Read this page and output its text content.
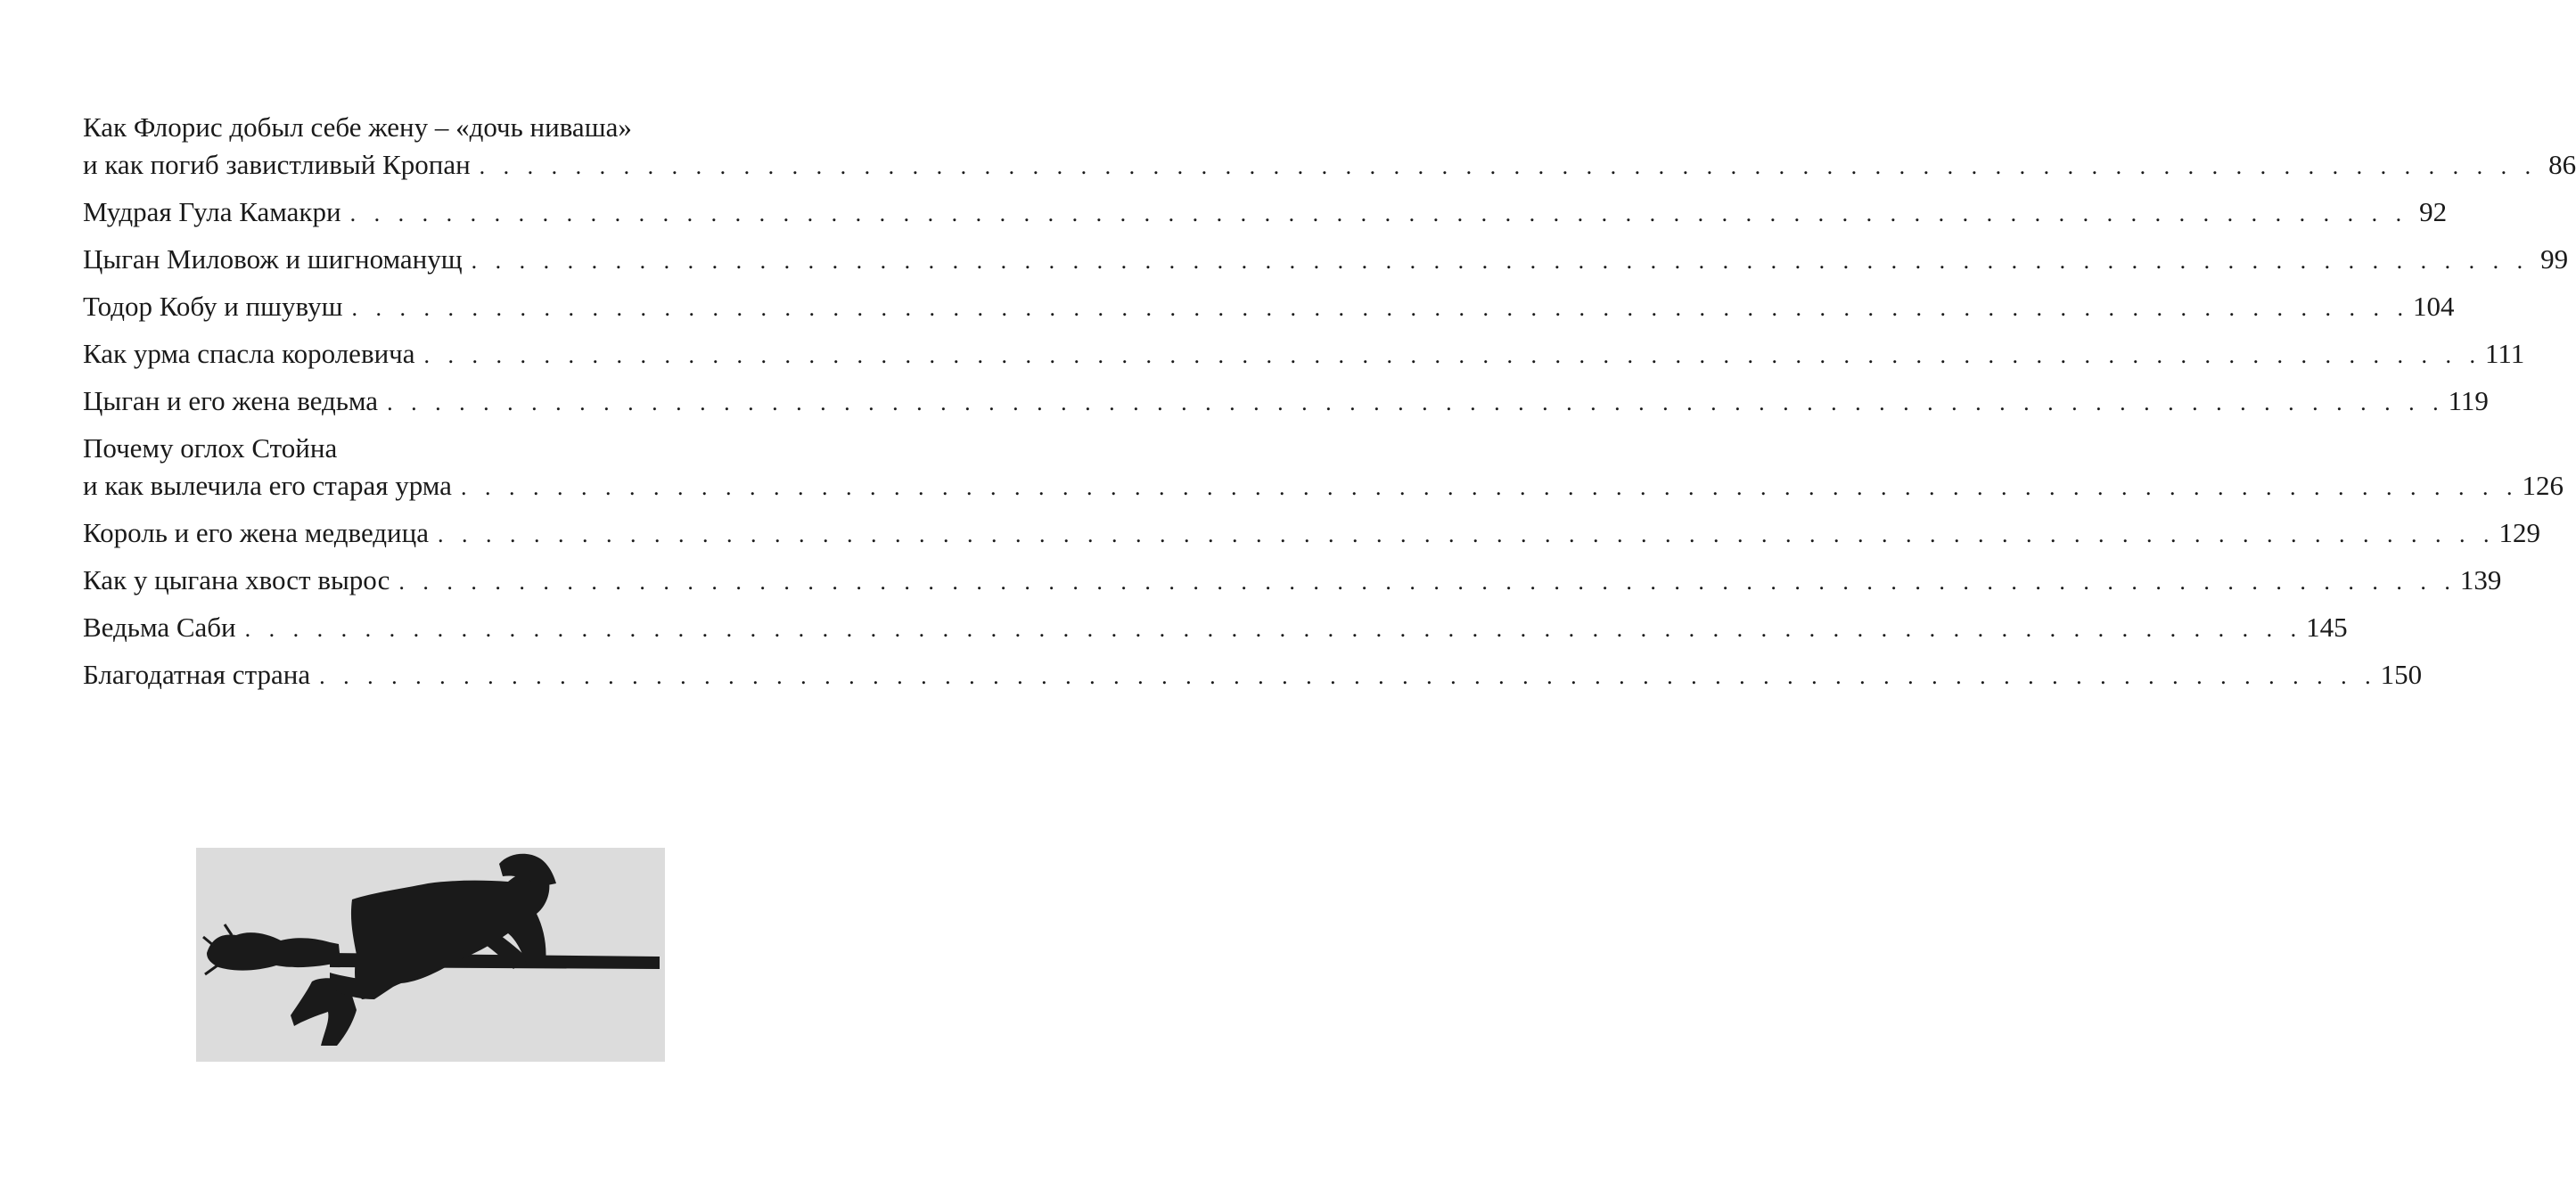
Как Флорис добыл себе жену – «дочь ниваша»
и как погиб завистливый Кропан . . . . . . . . . . . . . . . . . . . . . . . . . . . . . . . . . . . . . . . . . . . . . . . . . . . . . . . . . . . . . . . . . . . . . . . . . . . . . . . . . . . . . . 86
Мудрая Гула Камакри . . . . . . . . . . . . . . . . . . . . . . . . . . . . . . . . . . . . . . . . . . . . . . . . . . . . . . . . . . . . . . . . . . . . . . . . . . . . . . . . . . . . . . 92
Цыган Миловож и шигноманущ . . . . . . . . . . . . . . . . . . . . . . . . . . . . . . . . . . . . . . . . . . . . . . . . . . . . . . . . . . . . . . . . . . . . . . . . . . . . . . . . . . . . . . 99
Тодор Кобу и пшувуш . . . . . . . . . . . . . . . . . . . . . . . . . . . . . . . . . . . . . . . . . . . . . . . . . . . . . . . . . . . . . . . . . . . . . . . . . . . . . . . . . . . . . . 104
Как урма спасла королевича . . . . . . . . . . . . . . . . . . . . . . . . . . . . . . . . . . . . . . . . . . . . . . . . . . . . . . . . . . . . . . . . . . . . . . . . . . . . . . . . . . . . . . 111
Цыган и его жена ведьма . . . . . . . . . . . . . . . . . . . . . . . . . . . . . . . . . . . . . . . . . . . . . . . . . . . . . . . . . . . . . . . . . . . . . . . . . . . . . . . . . . . . . . 119
Почему оглох Стойна
и как вылечила его старая урма . . . . . . . . . . . . . . . . . . . . . . . . . . . . . . . . . . . . . . . . . . . . . . . . . . . . . . . . . . . . . . . . . . . . . . . . . . . . . . . . . . . . . . 126
Король и его жена медведица . . . . . . . . . . . . . . . . . . . . . . . . . . . . . . . . . . . . . . . . . . . . . . . . . . . . . . . . . . . . . . . . . . . . . . . . . . . . . . . . . . . . . . 129
Как у цыгана хвост вырос . . . . . . . . . . . . . . . . . . . . . . . . . . . . . . . . . . . . . . . . . . . . . . . . . . . . . . . . . . . . . . . . . . . . . . . . . . . . . . . . . . . . . . 139
Ведьма Саби . . . . . . . . . . . . . . . . . . . . . . . . . . . . . . . . . . . . . . . . . . . . . . . . . . . . . . . . . . . . . . . . . . . . . . . . . . . . . . . . . . . . . . 145
Благодатная страна . . . . . . . . . . . . . . . . . . . . . . . . . . . . . . . . . . . . . . . . . . . . . . . . . . . . . . . . . . . . . . . . . . . . . . . . . . . . . . . . . . . . . . 150
